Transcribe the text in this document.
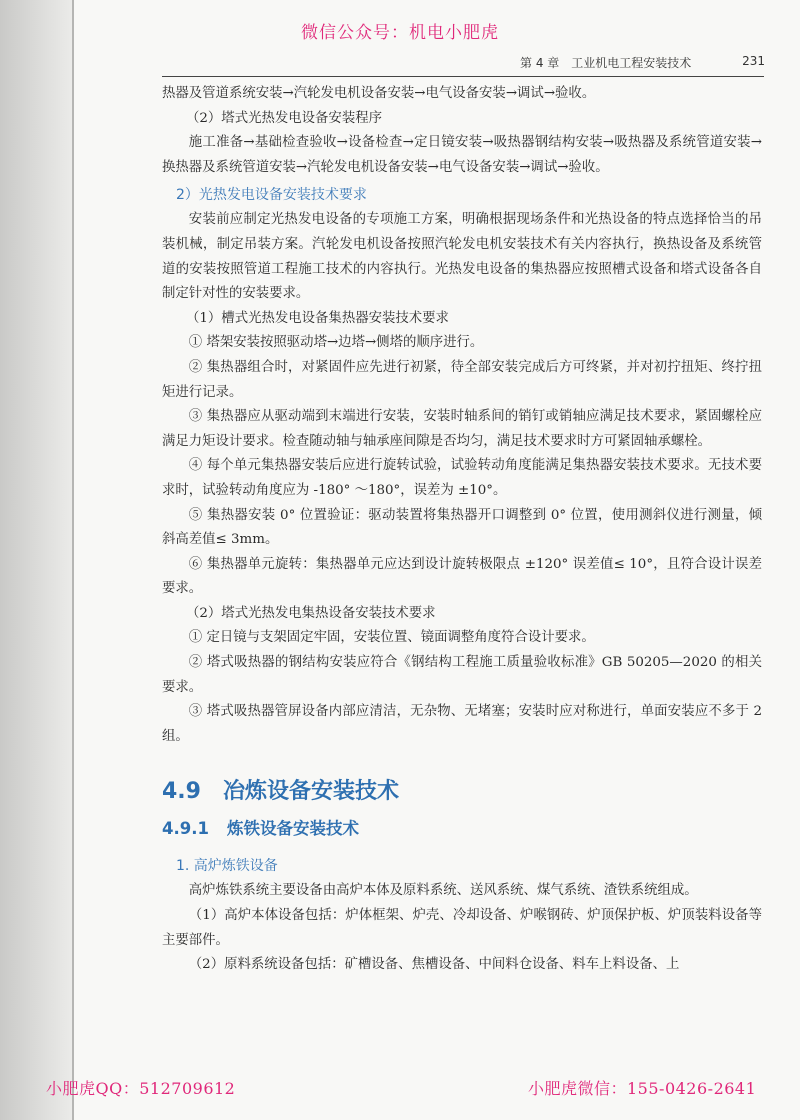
微信公众号：机电小肥虎
第 4 章　工业机电工程安装技术	231

热器及管道系统安装→汽轮发电机设备安装→电气设备安装→调试→验收。

（2）塔式光热发电设备安装程序

施工准备→基础检查验收→设备检查→定日镜安装→吸热器钢结构安装→吸热器及系统管道安装→换热器及系统管道安装→汽轮发电机设备安装→电气设备安装→调试→验收。

2）光热发电设备安装技术要求

安装前应制定光热发电设备的专项施工方案，明确根据现场条件和光热设备的特点选择恰当的吊装机械，制定吊装方案。汽轮发电机设备按照汽轮发电机安装技术有关内容执行，换热设备及系统管道的安装按照管道工程施工技术的内容执行。光热发电设备的集热器应按照槽式设备和塔式设备各自制定针对性的安装要求。

（1）槽式光热发电设备集热器安装技术要求

① 塔架安装按照驱动塔→边塔→侧塔的顺序进行。

② 集热器组合时，对紧固件应先进行初紧，待全部安装完成后方可终紧，并对初拧扭矩、终拧扭矩进行记录。

③ 集热器应从驱动端到末端进行安装，安装时轴系间的销钉或销轴应满足技术要求，紧固螺栓应满足力矩设计要求。检查随动轴与轴承座间隙是否均匀，满足技术要求时方可紧固轴承螺栓。

④ 每个单元集热器安装后应进行旋转试验，试验转动角度能满足集热器安装技术要求。无技术要求时，试验转动角度应为 -180° ～180°，误差为 ±10°。

⑤ 集热器安装 0° 位置验证：驱动装置将集热器开口调整到 0° 位置，使用测斜仪进行测量，倾斜高差值≤ 3mm。

⑥ 集热器单元旋转：集热器单元应达到设计旋转极限点 ±120° 误差值≤ 10°，且符合设计误差要求。

（2）塔式光热发电集热设备安装技术要求

① 定日镜与支架固定牢固，安装位置、镜面调整角度符合设计要求。

② 塔式吸热器的钢结构安装应符合《钢结构工程施工质量验收标准》GB 50205—2020 的相关要求。

③ 塔式吸热器管屏设备内部应清洁，无杂物、无堵塞；安装时应对称进行，单面安装应不多于 2 组。

4.9 冶炼设备安装技术
4.9.1 炼铁设备安装技术

1. 高炉炼铁设备

高炉炼铁系统主要设备由高炉本体及原料系统、送风系统、煤气系统、渣铁系统组成。

（1）高炉本体设备包括：炉体框架、炉壳、冷却设备、炉喉钢砖、炉顶保护板、炉顶装料设备等主要部件。

（2）原料系统设备包括：矿槽设备、焦槽设备、中间料仓设备、料车上料设备、上

小肥虎QQ：512709612	小肥虎微信：155-0426-2641
